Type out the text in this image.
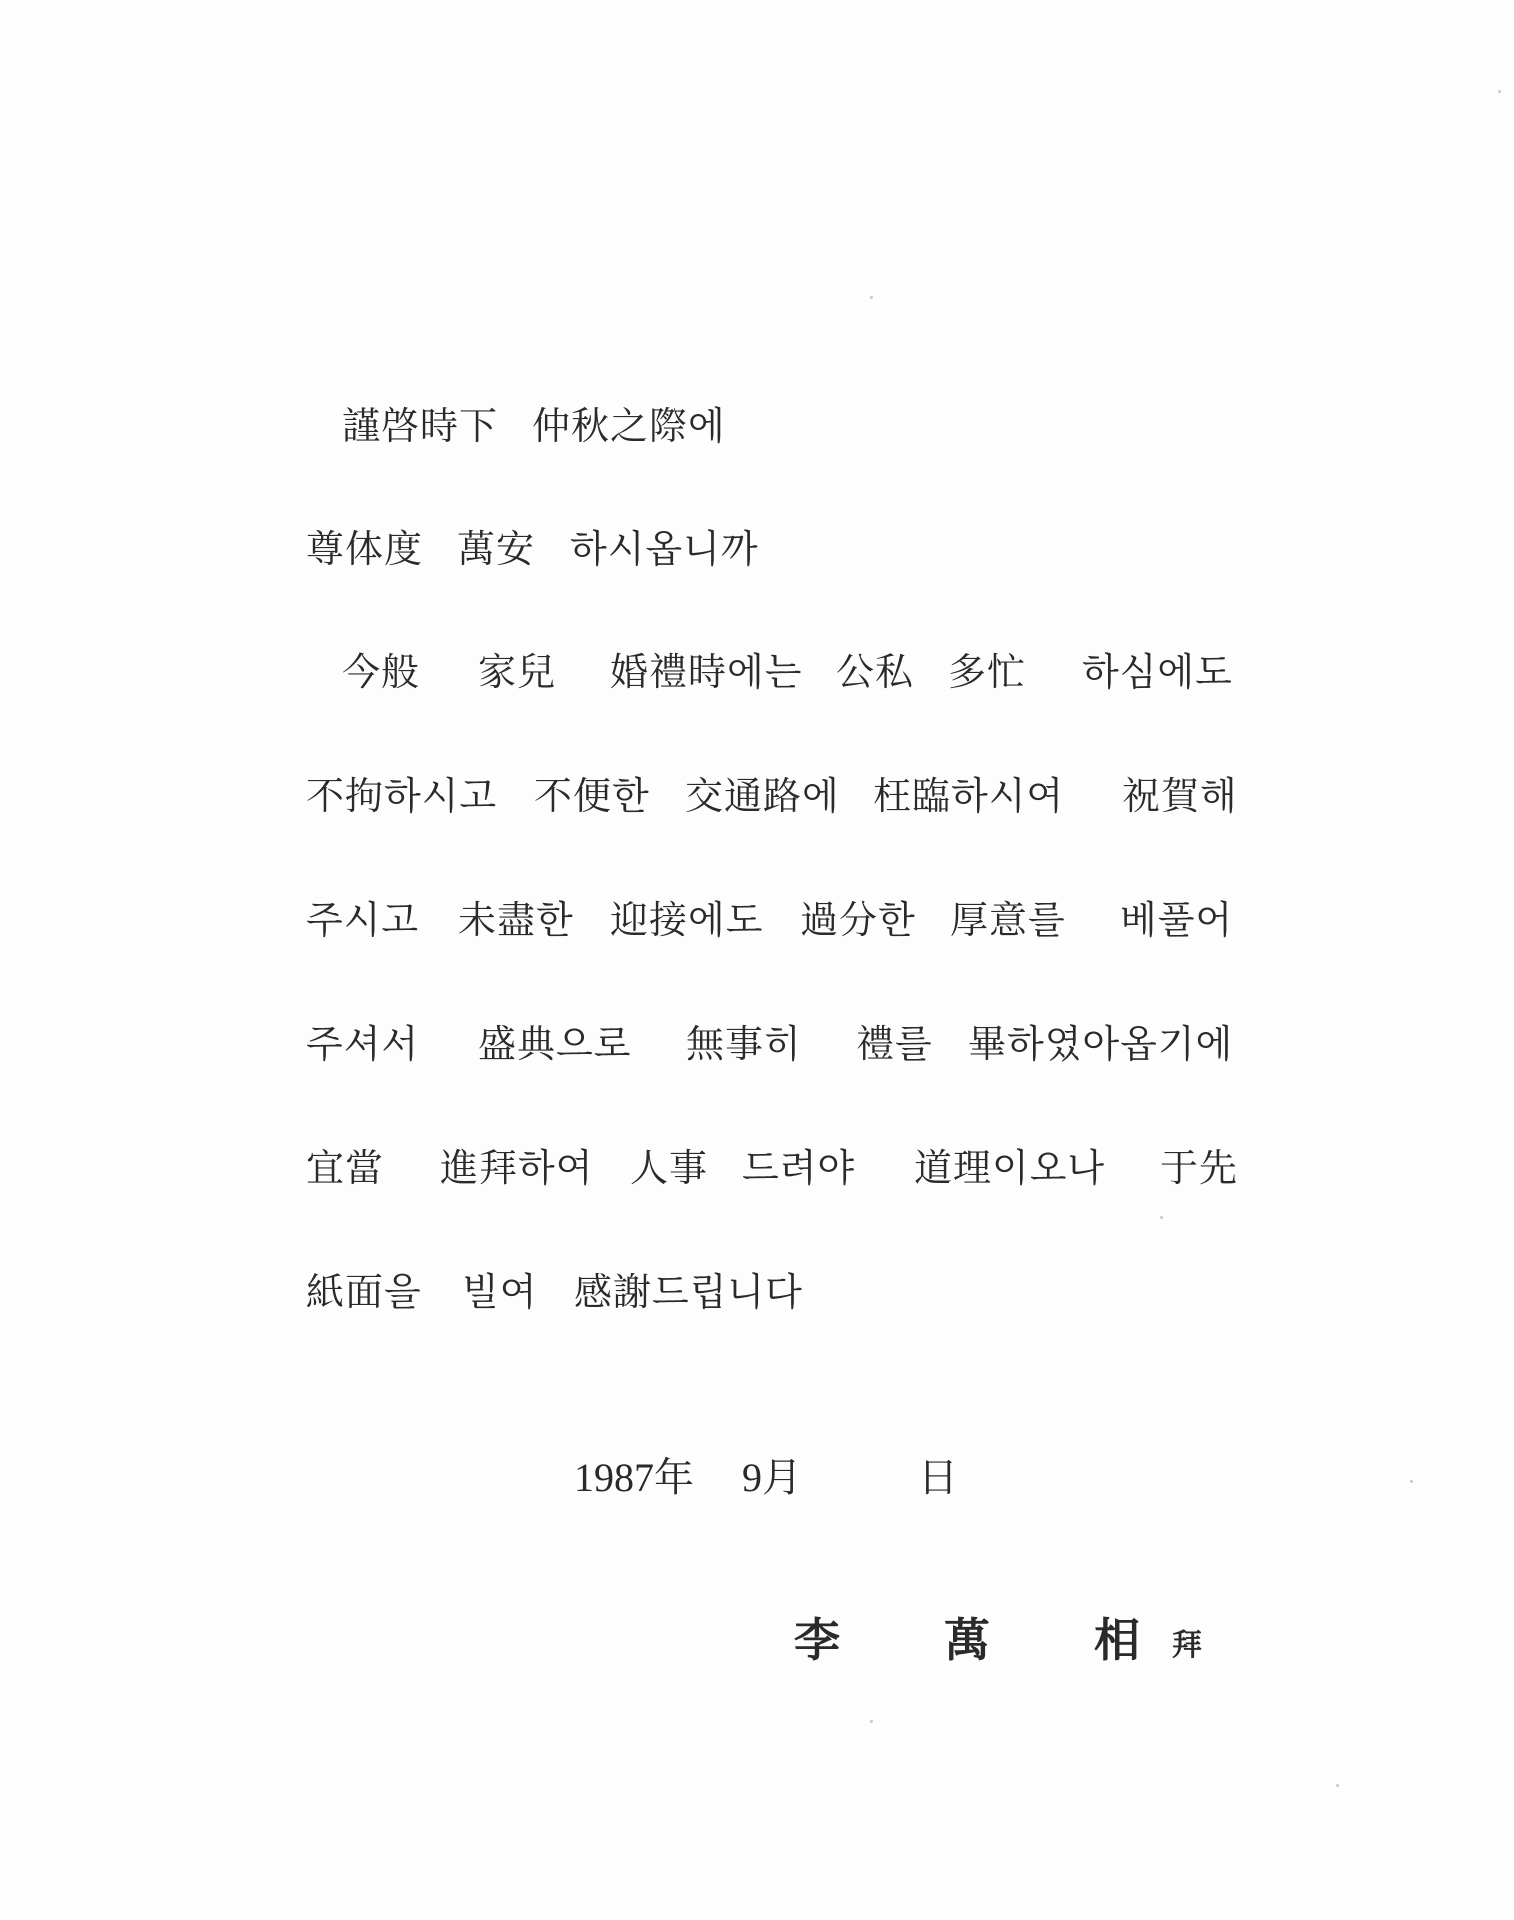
謹啓時下 仲秋之際에
尊体度 萬安 하시옵니까
今般 家兒 婚禮時에는 公私 多忙 하심에도
不拘하시고 不便한 交通路에 枉臨하시여 祝賀해
주시고 未盡한 迎接에도 過分한 厚意를 베풀어
주셔서 盛典으로 無事히 禮를 畢하였아옵기에
宜當 進拜하여 人事 드려야 道理이오나 于先
紙面을 빌여 感謝드립니다
1987年 9月	日
李 萬 相 拜
